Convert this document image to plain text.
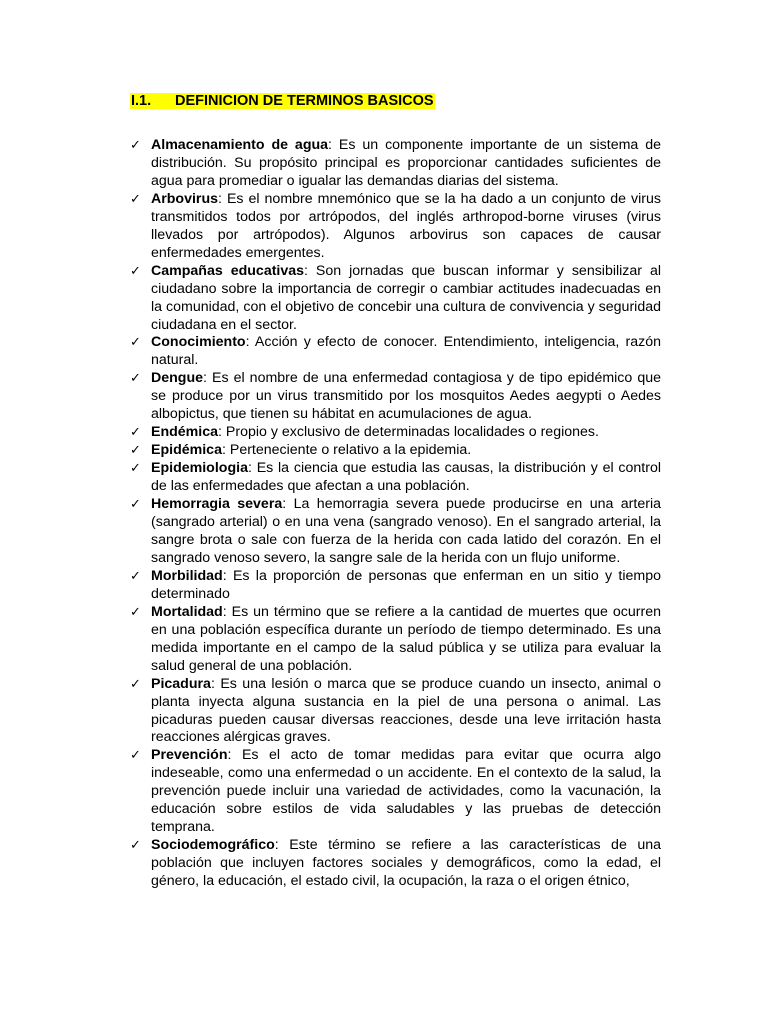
I.1. DEFINICION DE TERMINOS BASICOS
✓ Almacenamiento de agua: Es un componente importante de un sistema de distribución. Su propósito principal es proporcionar cantidades suficientes de agua para promediar o igualar las demandas diarias del sistema.
✓ Arbovirus: Es el nombre mnemónico que se la ha dado a un conjunto de virus transmitidos todos por artrópodos, del inglés arthropod-borne viruses (virus llevados por artrópodos). Algunos arbovirus son capaces de causar enfermedades emergentes.
✓ Campañas educativas: Son jornadas que buscan informar y sensibilizar al ciudadano sobre la importancia de corregir o cambiar actitudes inadecuadas en la comunidad, con el objetivo de concebir una cultura de convivencia y seguridad ciudadana en el sector.
✓ Conocimiento: Acción y efecto de conocer. Entendimiento, inteligencia, razón natural.
✓ Dengue: Es el nombre de una enfermedad contagiosa y de tipo epidémico que se produce por un virus transmitido por los mosquitos Aedes aegypti o Aedes albopictus, que tienen su hábitat en acumulaciones de agua.
✓ Endémica: Propio y exclusivo de determinadas localidades o regiones.
✓ Epidémica: Perteneciente o relativo a la epidemia.
✓ Epidemiologia: Es la ciencia que estudia las causas, la distribución y el control de las enfermedades que afectan a una población.
✓ Hemorragia severa: La hemorragia severa puede producirse en una arteria (sangrado arterial) o en una vena (sangrado venoso). En el sangrado arterial, la sangre brota o sale con fuerza de la herida con cada latido del corazón. En el sangrado venoso severo, la sangre sale de la herida con un flujo uniforme.
✓ Morbilidad: Es la proporción de personas que enferman en un sitio y tiempo determinado
✓ Mortalidad: Es un término que se refiere a la cantidad de muertes que ocurren en una población específica durante un período de tiempo determinado. Es una medida importante en el campo de la salud pública y se utiliza para evaluar la salud general de una población.
✓ Picadura: Es una lesión o marca que se produce cuando un insecto, animal o planta inyecta alguna sustancia en la piel de una persona o animal. Las picaduras pueden causar diversas reacciones, desde una leve irritación hasta reacciones alérgicas graves.
✓ Prevención: Es el acto de tomar medidas para evitar que ocurra algo indeseable, como una enfermedad o un accidente. En el contexto de la salud, la prevención puede incluir una variedad de actividades, como la vacunación, la educación sobre estilos de vida saludables y las pruebas de detección temprana.
✓ Sociodemográfico: Este término se refiere a las características de una población que incluyen factores sociales y demográficos, como la edad, el género, la educación, el estado civil, la ocupación, la raza o el origen étnico,
